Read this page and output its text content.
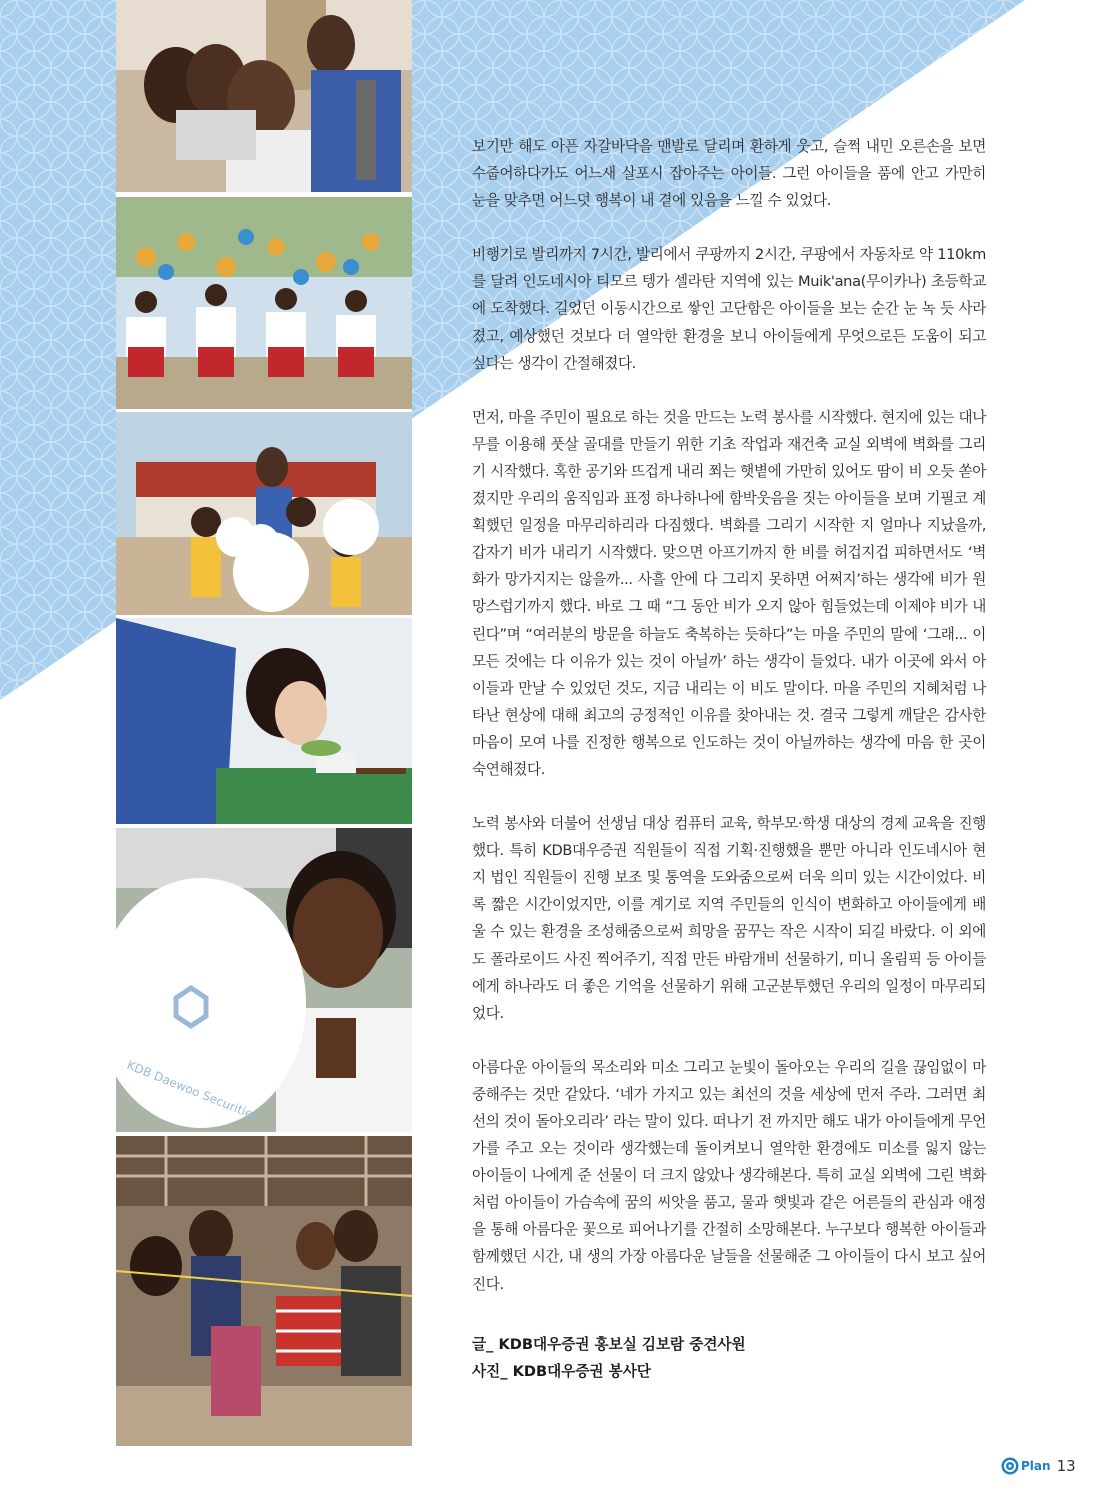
KDB Daewoo Securities

보기만 해도 아픈 자갈바닥을 맨발로 달리며 환하게 웃고, 슬쩍 내민 오른손을 보면 수줍어하다가도 어느새 살포시 잡아주는 아이들. 그런 아이들을 품에 안고 가만히 눈을 맞추면 어느덧 행복이 내 곁에 있음을 느낄 수 있었다.

비행기로 발리까지 7시간, 발리에서 쿠팡까지 2시간, 쿠팡에서 자동차로 약 110km를 달려 인도네시아 티모르 텡가 셀라탄 지역에 있는 Muik'ana(무이카나) 초등학교에 도착했다. 길었던 이동시간으로 쌓인 고단함은 아이들을 보는 순간 눈 녹 듯 사라졌고, 예상했던 것보다 더 열악한 환경을 보니 아이들에게 무엇으로든 도움이 되고 싶다는 생각이 간절해졌다.

먼저, 마을 주민이 필요로 하는 것을 만드는 노력 봉사를 시작했다. 현지에 있는 대나무를 이용해 풋살 골대를 만들기 위한 기초 작업과 재건축 교실 외벽에 벽화를 그리기 시작했다. 혹한 공기와 뜨겁게 내리 쬐는 햇볕에 가만히 있어도 땀이 비 오듯 쏟아졌지만 우리의 움직임과 표정 하나하나에 함박웃음을 짓는 아이들을 보며 기필코 계획했던 일정을 마무리하리라 다짐했다. 벽화를 그리기 시작한 지 얼마나 지났을까, 갑자기 비가 내리기 시작했다. 맞으면 아프기까지 한 비를 허겁지겁 피하면서도 ‘벽화가 망가지지는 않을까... 사흘 안에 다 그리지 못하면 어쩌지’하는 생각에 비가 원망스럽기까지 했다. 바로 그 때 “그 동안 비가 오지 않아 힘들었는데 이제야 비가 내린다”며 “여러분의 방문을 하늘도 축복하는 듯하다”는 마을 주민의 말에 ‘그래... 이 모든 것에는 다 이유가 있는 것이 아닐까’ 하는 생각이 들었다. 내가 이곳에 와서 아이들과 만날 수 있었던 것도, 지금 내리는 이 비도 말이다. 마을 주민의 지혜처럼 나타난 현상에 대해 최고의 긍정적인 이유를 찾아내는 것. 결국 그렇게 깨달은 감사한 마음이 모여 나를 진정한 행복으로 인도하는 것이 아닐까하는 생각에 마음 한 곳이 숙연해졌다.

노력 봉사와 더불어 선생님 대상 컴퓨터 교육, 학부모·학생 대상의 경제 교육을 진행했다. 특히 KDB대우증권 직원들이 직접 기획·진행했을 뿐만 아니라 인도네시아 현지 법인 직원들이 진행 보조 및 통역을 도와줌으로써 더욱 의미 있는 시간이었다. 비록 짧은 시간이었지만, 이를 계기로 지역 주민들의 인식이 변화하고 아이들에게 배울 수 있는 환경을 조성해줌으로써 희망을 꿈꾸는 작은 시작이 되길 바랐다. 이 외에도 폴라로이드 사진 찍어주기, 직접 만든 바람개비 선물하기, 미니 올림픽 등 아이들에게 하나라도 더 좋은 기억을 선물하기 위해 고군분투했던 우리의 일정이 마무리되었다.

아름다운 아이들의 목소리와 미소 그리고 눈빛이 돌아오는 우리의 길을 끊임없이 마중해주는 것만 같았다. ‘네가 가지고 있는 최선의 것을 세상에 먼저 주라. 그러면 최선의 것이 돌아오리라’ 라는 말이 있다. 떠나기 전 까지만 해도 내가 아이들에게 무언가를 주고 오는 것이라 생각했는데 돌이켜보니 열악한 환경에도 미소를 잃지 않는 아이들이 나에게 준 선물이 더 크지 않았나 생각해본다. 특히 교실 외벽에 그린 벽화처럼 아이들이 가슴속에 꿈의 씨앗을 품고, 물과 햇빛과 같은 어른들의 관심과 애정을 통해 아름다운 꽃으로 피어나기를 간절히 소망해본다. 누구보다 행복한 아이들과 함께했던 시간, 내 생의 가장 아름다운 날들을 선물해준 그 아이들이 다시 보고 싶어진다.

글_ KDB대우증권 홍보실 김보람 중견사원
사진_ KDB대우증권 봉사단
Plan 13
